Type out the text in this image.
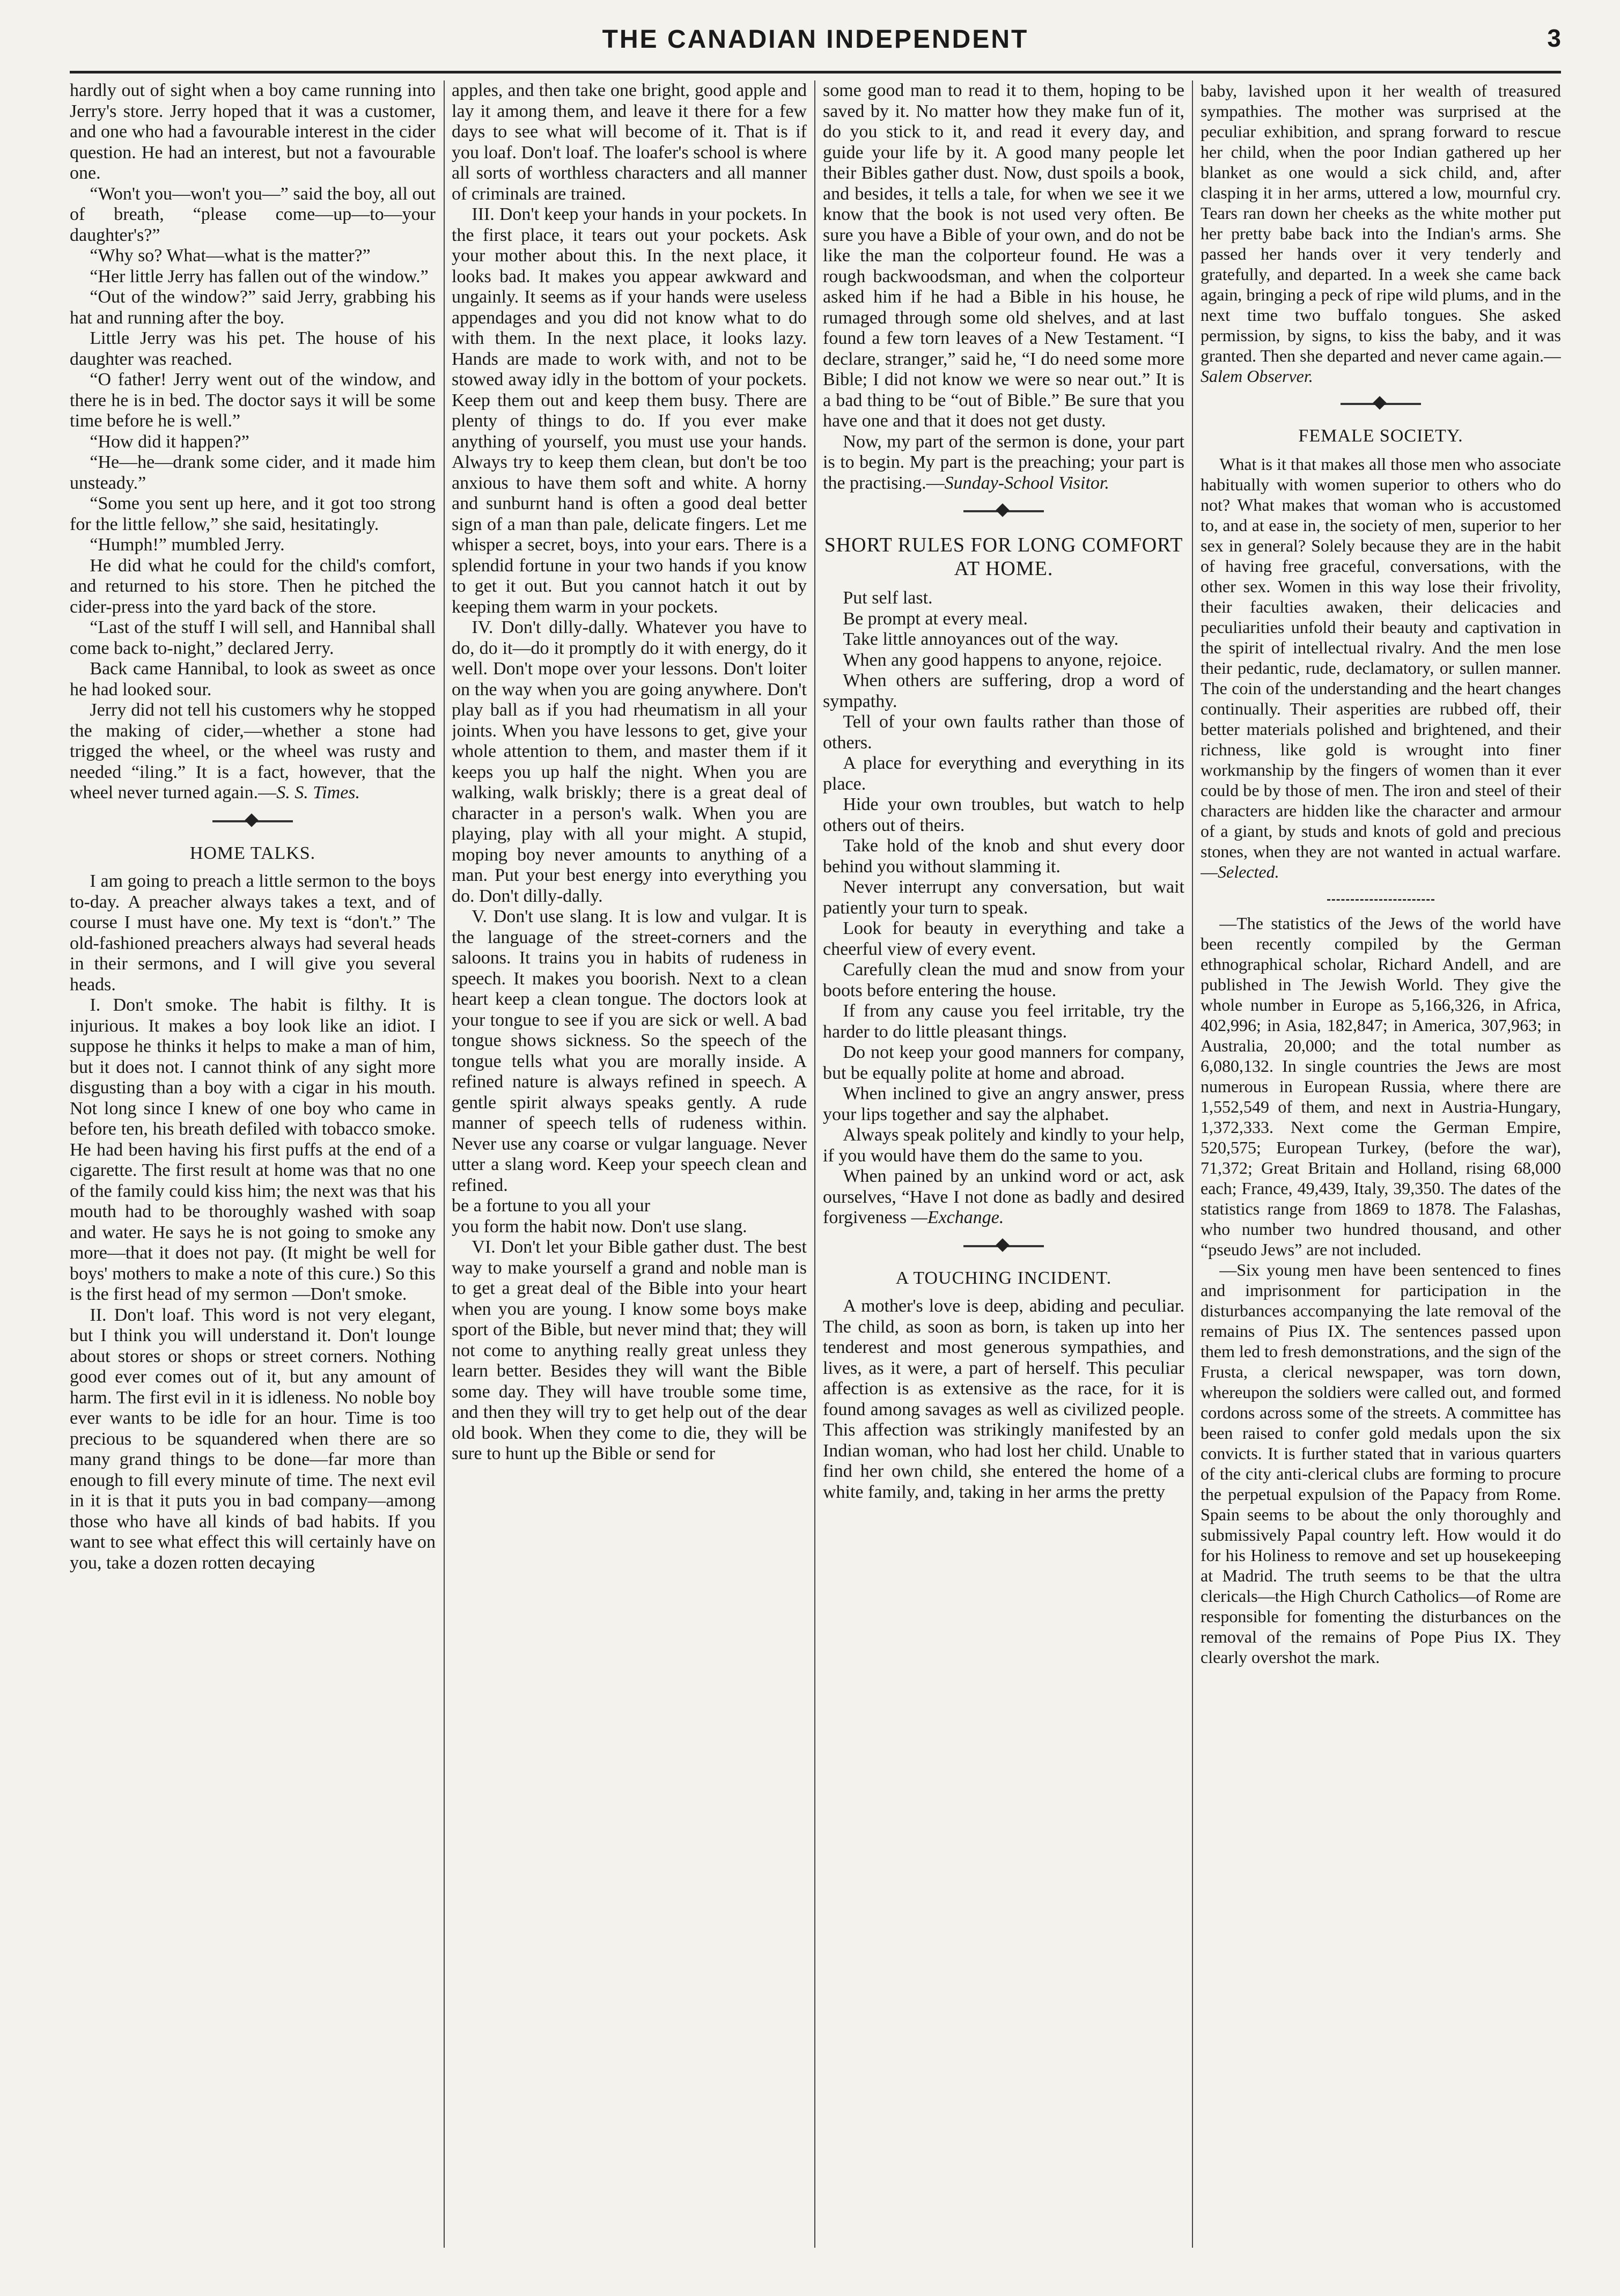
THE CANADIAN INDEPENDENT	3

hardly out of sight when a boy came running into Jerry's store. Jerry hoped that it was a customer, and one who had a favourable interest in the cider question. He had an interest, but not a favourable one.

“Won't you—won't you—” said the boy, all out of breath, “please come—up—to—your daughter's?”

“Why so? What—what is the matter?”

“Her little Jerry has fallen out of the window.”

“Out of the window?” said Jerry, grabbing his hat and running after the boy.

Little Jerry was his pet. The house of his daughter was reached.

“O father! Jerry went out of the window, and there he is in bed. The doctor says it will be some time before he is well.”

“How did it happen?”

“He—he—drank some cider, and it made him unsteady.”

“Some you sent up here, and it got too strong for the little fellow,” she said, hesitatingly.

“Humph!” mumbled Jerry.

He did what he could for the child's comfort, and returned to his store. Then he pitched the cider-press into the yard back of the store.

“Last of the stuff I will sell, and Hannibal shall come back to-night,” declared Jerry.

Back came Hannibal, to look as sweet as once he had looked sour.

Jerry did not tell his customers why he stopped the making of cider,—whether a stone had trigged the wheel, or the wheel was rusty and needed “iling.” It is a fact, however, that the wheel never turned again.—S. S. Times.

HOME TALKS.

I am going to preach a little sermon to the boys to-day. A preacher always takes a text, and of course I must have one. My text is “don't.” The old-fashioned preachers always had several heads in their sermons, and I will give you several heads.

I. Don't smoke. The habit is filthy. It is injurious. It makes a boy look like an idiot. I suppose he thinks it helps to make a man of him, but it does not. I cannot think of any sight more disgusting than a boy with a cigar in his mouth. Not long since I knew of one boy who came in before ten, his breath defiled with tobacco smoke. He had been having his first puffs at the end of a cigarette. The first result at home was that no one of the family could kiss him; the next was that his mouth had to be thoroughly washed with soap and water. He says he is not going to smoke any more—that it does not pay. (It might be well for boys' mothers to make a note of this cure.) So this is the first head of my sermon —Don't smoke.

II. Don't loaf. This word is not very elegant, but I think you will understand it. Don't lounge about stores or shops or street corners. Nothing good ever comes out of it, but any amount of harm. The first evil in it is idleness. No noble boy ever wants to be idle for an hour. Time is too precious to be squandered when there are so many grand things to be done—far more than enough to fill every minute of time. The next evil in it is that it puts you in bad company—among those who have all kinds of bad habits. If you want to see what effect this will certainly have on you, take a dozen rotten decaying

apples, and then take one bright, good apple and lay it among them, and leave it there for a few days to see what will become of it. That is if you loaf. Don't loaf. The loafer's school is where all sorts of worthless characters and all manner of criminals are trained.

III. Don't keep your hands in your pockets. In the first place, it tears out your pockets. Ask your mother about this. In the next place, it looks bad. It makes you appear awkward and ungainly. It seems as if your hands were useless appendages and you did not know what to do with them. In the next place, it looks lazy. Hands are made to work with, and not to be stowed away idly in the bottom of your pockets. Keep them out and keep them busy. There are plenty of things to do. If you ever make anything of yourself, you must use your hands. Always try to keep them clean, but don't be too anxious to have them soft and white. A horny and sunburnt hand is often a good deal better sign of a man than pale, delicate fingers. Let me whisper a secret, boys, into your ears. There is a splendid fortune in your two hands if you know to get it out. But you cannot hatch it out by keeping them warm in your pockets.

IV. Don't dilly-dally. Whatever you have to do, do it—do it promptly do it with energy, do it well. Don't mope over your lessons. Don't loiter on the way when you are going anywhere. Don't play ball as if you had rheumatism in all your joints. When you have lessons to get, give your whole attention to them, and master them if it keeps you up half the night. When you are walking, walk briskly; there is a great deal of character in a person's walk. When you are playing, play with all your might. A stupid, moping boy never amounts to anything of a man. Put your best energy into everything you do. Don't dilly-dally.

V. Don't use slang. It is low and vulgar. It is the language of the street-corners and the saloons. It trains you in habits of rudeness in speech. It makes you boorish. Next to a clean heart keep a clean tongue. The doctors look at your tongue to see if you are sick or well. A bad tongue shows sickness. So the speech of the tongue tells what you are morally inside. A refined nature is always refined in speech. A gentle spirit always speaks gently. A rude manner of speech tells of rudeness within. Never use any coarse or vulgar language. Never utter a slang word. Keep your speech clean and refined.

be a fortune to you all your

you form the habit now. Don't use slang.

VI. Don't let your Bible gather dust. The best way to make yourself a grand and noble man is to get a great deal of the Bible into your heart when you are young. I know some boys make sport of the Bible, but never mind that; they will not come to anything really great unless they learn better. Besides they will want the Bible some day. They will have trouble some time, and then they will try to get help out of the dear old book. When they come to die, they will be sure to hunt up the Bible or send for

some good man to read it to them, hoping to be saved by it. No matter how they make fun of it, do you stick to it, and read it every day, and guide your life by it. A good many people let their Bibles gather dust. Now, dust spoils a book, and besides, it tells a tale, for when we see it we know that the book is not used very often. Be sure you have a Bible of your own, and do not be like the man the colporteur found. He was a rough backwoodsman, and when the colporteur asked him if he had a Bible in his house, he rumaged through some old shelves, and at last found a few torn leaves of a New Testament. “I declare, stranger,” said he, “I do need some more Bible; I did not know we were so near out.” It is a bad thing to be “out of Bible.” Be sure that you have one and that it does not get dusty.

Now, my part of the sermon is done, your part is to begin. My part is the preaching; your part is the practising.—Sunday-School Visitor.

SHORT RULES FOR LONG COMFORT AT HOME.

Put self last.

Be prompt at every meal.

Take little annoyances out of the way.

When any good happens to anyone, rejoice.

When others are suffering, drop a word of sympathy.

Tell of your own faults rather than those of others.

A place for everything and everything in its place.

Hide your own troubles, but watch to help others out of theirs.

Take hold of the knob and shut every door behind you without slamming it.

Never interrupt any conversation, but wait patiently your turn to speak.

Look for beauty in everything and take a cheerful view of every event.

Carefully clean the mud and snow from your boots before entering the house.

If from any cause you feel irritable, try the harder to do little pleasant things.

Do not keep your good manners for company, but be equally polite at home and abroad.

When inclined to give an angry answer, press your lips together and say the alphabet.

Always speak politely and kindly to your help, if you would have them do the same to you.

When pained by an unkind word or act, ask ourselves, “Have I not done as badly and desired forgiveness —Exchange.

A TOUCHING INCIDENT.

A mother's love is deep, abiding and peculiar. The child, as soon as born, is taken up into her tenderest and most generous sympathies, and lives, as it were, a part of herself. This peculiar affection is as extensive as the race, for it is found among savages as well as civilized people. This affection was strikingly manifested by an Indian woman, who had lost her child. Unable to find her own child, she entered the home of a white family, and, taking in her arms the pretty

baby, lavished upon it her wealth of treasured sympathies. The mother was surprised at the peculiar exhibition, and sprang forward to rescue her child, when the poor Indian gathered up her blanket as one would a sick child, and, after clasping it in her arms, uttered a low, mournful cry. Tears ran down her cheeks as the white mother put her pretty babe back into the Indian's arms. She passed her hands over it very tenderly and gratefully, and departed. In a week she came back again, bringing a peck of ripe wild plums, and in the next time two buffalo tongues. She asked permission, by signs, to kiss the baby, and it was granted. Then she departed and never came again.—Salem Observer.

FEMALE SOCIETY.

What is it that makes all those men who associate habitually with women superior to others who do not? What makes that woman who is accustomed to, and at ease in, the society of men, superior to her sex in general? Solely because they are in the habit of having free graceful, conversations, with the other sex. Women in this way lose their frivolity, their faculties awaken, their delicacies and peculiarities unfold their beauty and captivation in the spirit of intellectual rivalry. And the men lose their pedantic, rude, declamatory, or sullen manner. The coin of the understanding and the heart changes continually. Their asperities are rubbed off, their better materials polished and brightened, and their richness, like gold is wrought into finer workmanship by the fingers of women than it ever could be by those of men. The iron and steel of their characters are hidden like the character and armour of a giant, by studs and knots of gold and precious stones, when they are not wanted in actual warfare.—Selected.

—The statistics of the Jews of the world have been recently compiled by the German ethnographical scholar, Richard Andell, and are published in The Jewish World. They give the whole number in Europe as 5,166,326, in Africa, 402,996; in Asia, 182,847; in America, 307,963; in Australia, 20,000; and the total number as 6,080,132. In single countries the Jews are most numerous in European Russia, where there are 1,552,549 of them, and next in Austria-Hungary, 1,372,333. Next come the German Empire, 520,575; European Turkey, (before the war), 71,372; Great Britain and Holland, rising 68,000 each; France, 49,439, Italy, 39,350. The dates of the statistics range from 1869 to 1878. The Falashas, who number two hundred thousand, and other “pseudo Jews” are not included.

—Six young men have been sentenced to fines and imprisonment for participation in the disturbances accompanying the late removal of the remains of Pius IX. The sentences passed upon them led to fresh demonstrations, and the sign of the Frusta, a clerical newspaper, was torn down, whereupon the soldiers were called out, and formed cordons across some of the streets. A committee has been raised to confer gold medals upon the six convicts. It is further stated that in various quarters of the city anti-clerical clubs are forming to procure the perpetual expulsion of the Papacy from Rome. Spain seems to be about the only thoroughly and submissively Papal country left. How would it do for his Holiness to remove and set up housekeeping at Madrid. The truth seems to be that the ultra clericals—the High Church Catholics—of Rome are responsible for fomenting the disturbances on the removal of the remains of Pope Pius IX. They clearly overshot the mark.
